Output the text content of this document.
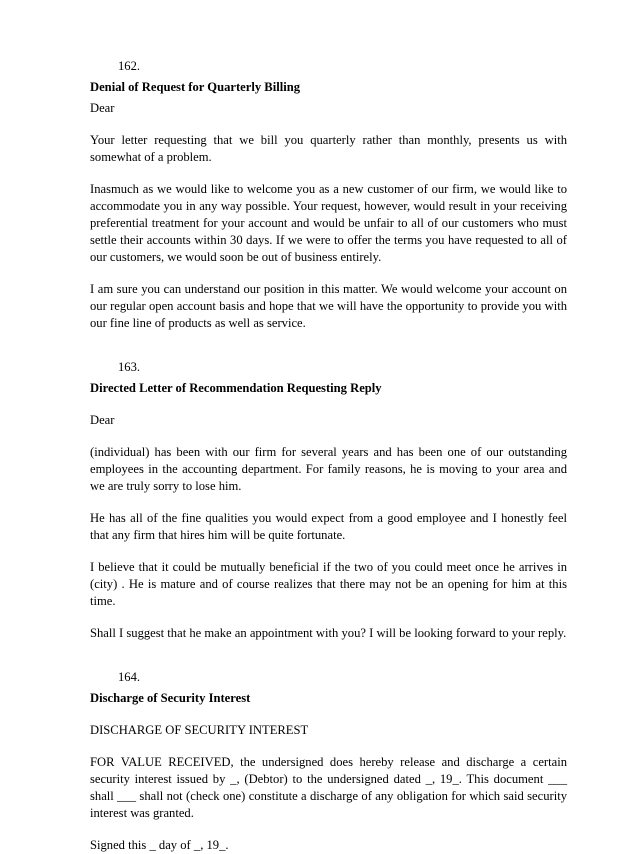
162.
Denial of Request for Quarterly Billing

Dear

Your letter requesting that we bill you quarterly rather than monthly, presents us with somewhat of a problem.

Inasmuch as we would like to welcome you as a new customer of our firm, we would like to accommodate you in any way possible. Your request, however, would result in your receiving preferential treatment for your account and would be unfair to all of our customers who must settle their accounts within 30 days. If we were to offer the terms you have requested to all of our customers, we would soon be out of business entirely.

I am sure you can understand our position in this matter. We would welcome your account on our regular open account basis and hope that we will have the opportunity to provide you with our fine line of products as well as service.

163.
Directed Letter of Recommendation Requesting Reply

Dear

(individual) has been with our firm for several years and has been one of our outstanding employees in the accounting department. For family reasons, he is moving to your area and we are truly sorry to lose him.

He has all of the fine qualities you would expect from a good employee and I honestly feel that any firm that hires him will be quite fortunate.

I believe that it could be mutually beneficial if the two of you could meet once he arrives in (city) . He is mature and of course realizes that there may not be an opening for him at this time.

Shall I suggest that he make an appointment with you? I will be looking forward to your reply.

164.
Discharge of Security Interest

DISCHARGE OF SECURITY INTEREST

FOR VALUE RECEIVED, the undersigned does hereby release and discharge a certain security interest issued by _, (Debtor) to the undersigned dated _, 19_. This document ___ shall ___ shall not (check one) constitute a discharge of any obligation for which said security interest was granted.

Signed this _ day of _, 19_.
